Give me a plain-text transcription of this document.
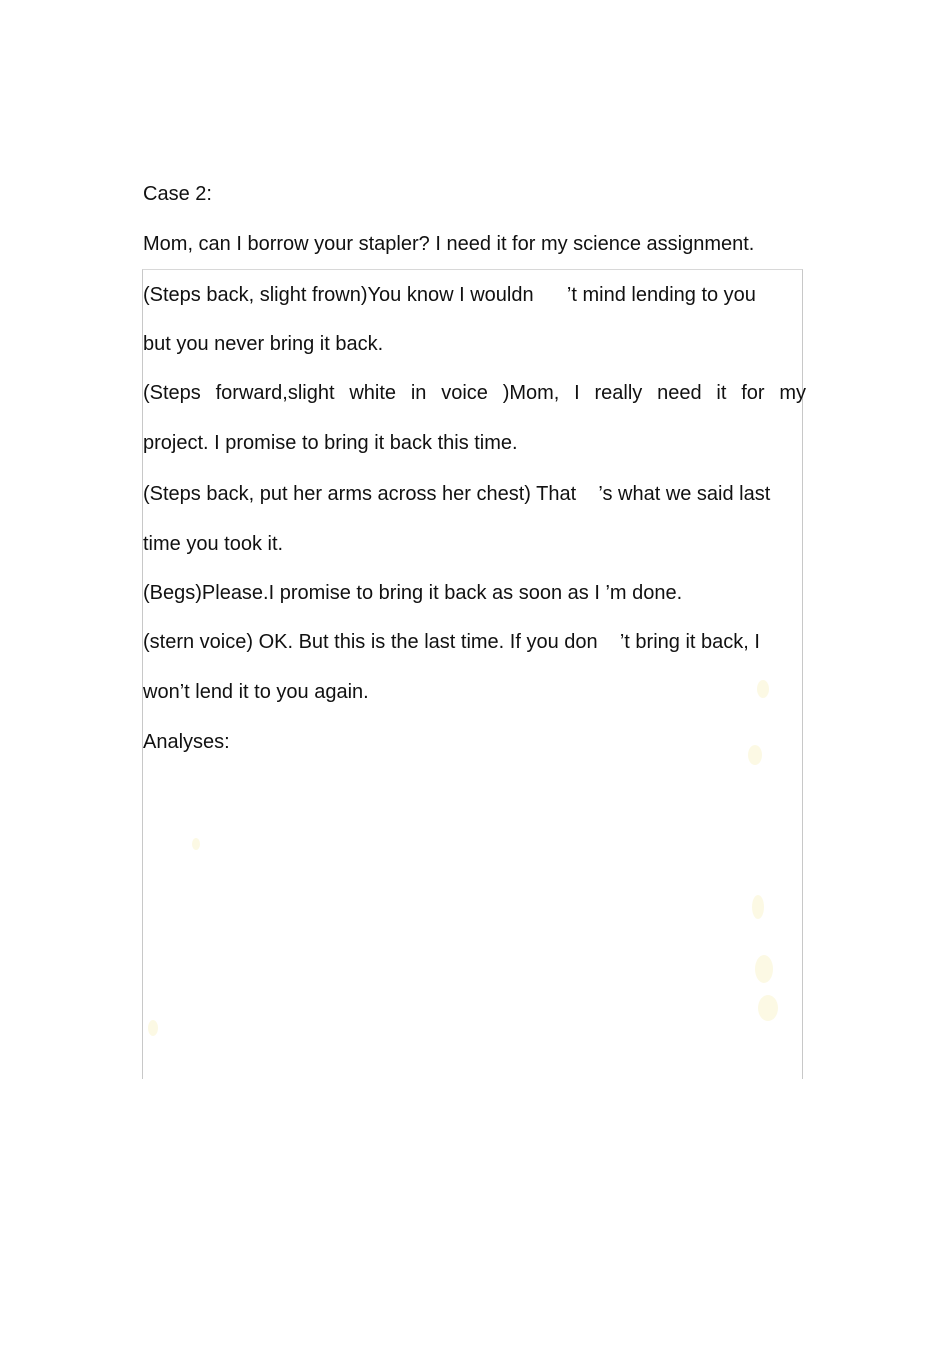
Case 2:

Mom, can I borrow your stapler? I need it for my science assignment.

(Steps back, slight frown)You know I wouldn      ’t mind lending to you

but you never bring it back.

(Steps forward,slight white in voice )Mom, I really need it for my

project. I promise to bring it back this time.

(Steps back, put her arms across her chest) That    ’s what we said last

time you took it.

(Begs)Please.I promise to bring it back as soon as I ’m done.

(stern voice) OK. But this is the last time. If you don    ’t bring it back, I

won’t lend it to you again.

Analyses:
